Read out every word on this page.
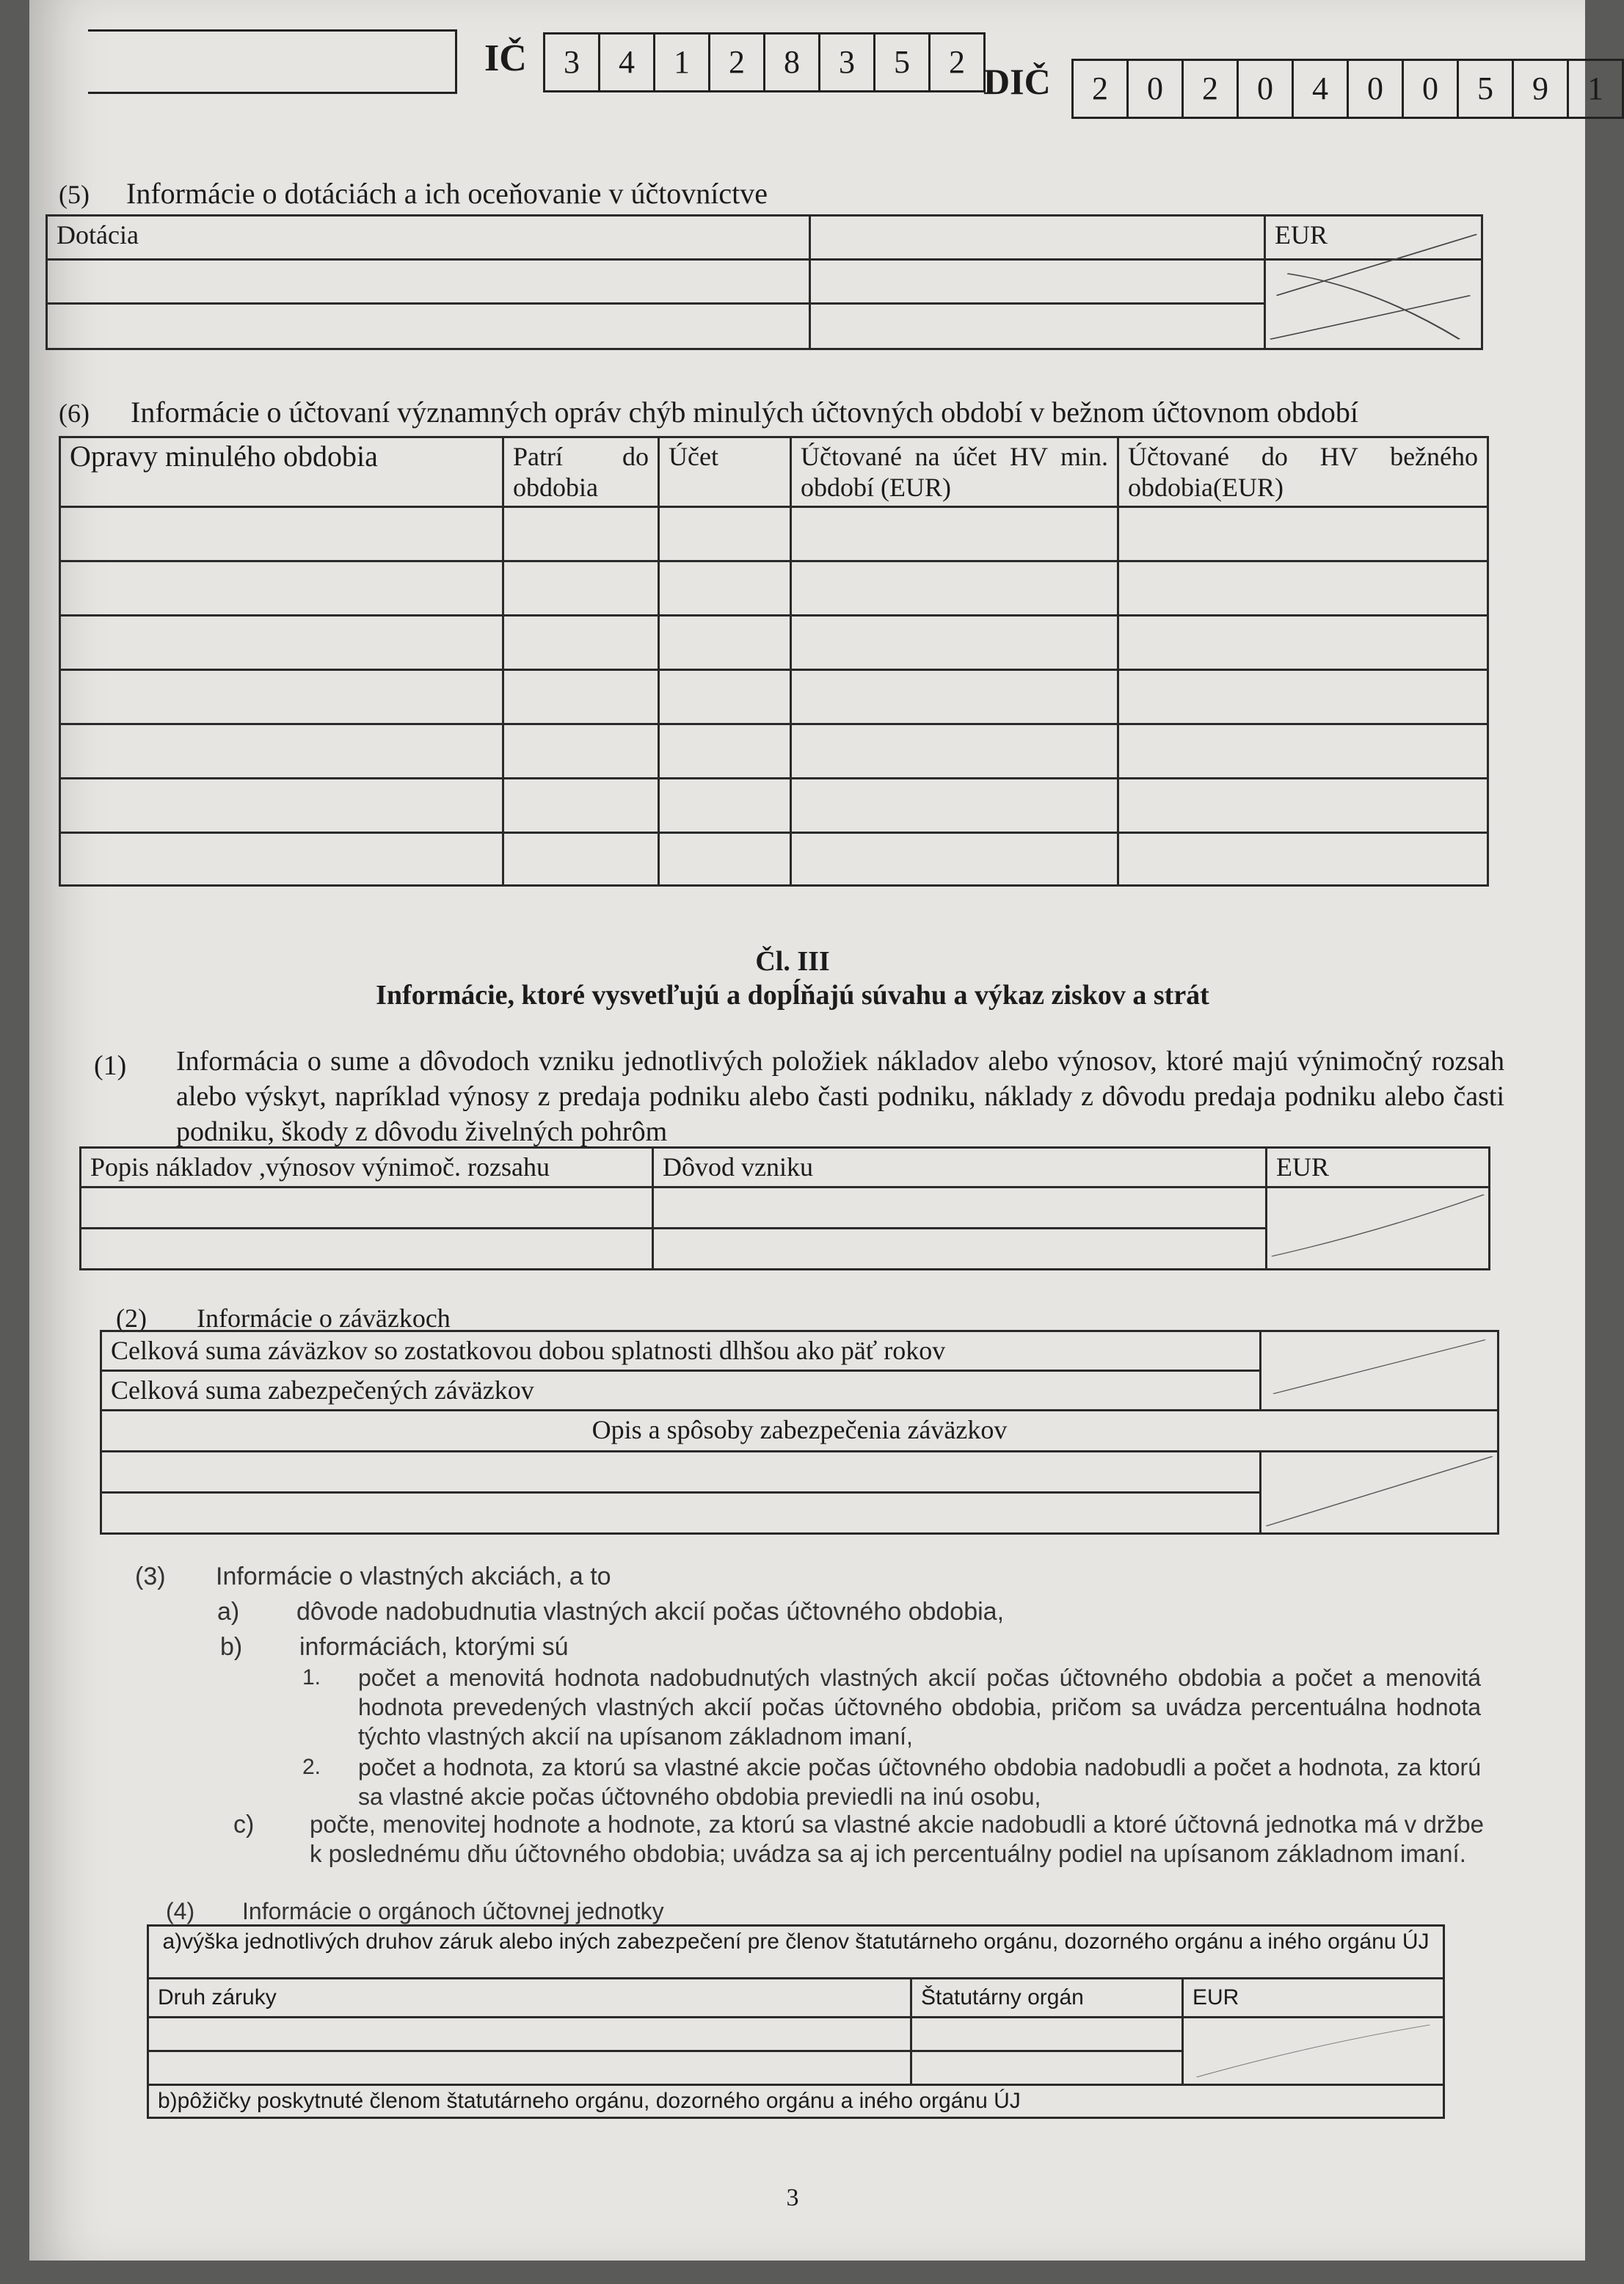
IČ	3	4	1	2	8	3	5	2 DIČ	2	0	2	0	4	0	0	5	9	1
(5) Informácie o dotáciách a ich oceňovanie v účtovníctve
Dotácia		EUR

(6) Informácie o účtovaní významných opráv chýb minulých účtovných období v bežnom účtovnom období
Opravy minulého obdobia	Patrí do obdobia	Účet	Účtované na účet HV min. období (EUR)	Účtované do HV bežného obdobia(EUR)

Čl. III
Informácie, ktoré vysvetľujú a dopĺňajú súvahu a výkaz ziskov a strát
(1) Informácia o sume a dôvodoch vzniku jednotlivých položiek nákladov alebo výnosov, ktoré majú výnimočný rozsah alebo výskyt, napríklad výnosy z predaja podniku alebo časti podniku, náklady z dôvodu predaja podniku alebo časti podniku, škody z dôvodu živelných pohrôm
Popis nákladov ,výnosov výnimoč. rozsahu	Dôvod vzniku	EUR

(2) Informácie o záväzkoch
Celková suma záväzkov so zostatkovou dobou splatnosti dlhšou ako päť rokov	

Celková suma zabezpečených záväzkov	
Opis a spôsoby zabezpečenia záväzkov	

(3) Informácie o vlastných akciách, a to
a) dôvode nadobudnutia vlastných akcií počas účtovného obdobia,
b) informáciách, ktorými sú
1. počet a menovitá hodnota nadobudnutých vlastných akcií počas účtovného obdobia a počet a menovitá hodnota prevedených vlastných akcií počas účtovného obdobia, pričom sa uvádza percentuálna hodnota týchto vlastných akcií na upísanom základnom imaní,
2. počet a hodnota, za ktorú sa vlastné akcie počas účtovného obdobia nadobudli a počet a hodnota, za ktorú sa vlastné akcie počas účtovného obdobia previedli na inú osobu,
c) počte, menovitej hodnote a hodnote, za ktorú sa vlastné akcie nadobudli a ktoré účtovná jednotka má v držbe k poslednému dňu účtovného obdobia; uvádza sa aj ich percentuálny podiel na upísanom základnom imaní.
(4) Informácie o orgánoch účtovnej jednotky
a)výška jednotlivých druhov záruk alebo iných zabezpečení pre členov štatutárneho orgánu, dozorného orgánu a iného orgánu ÚJ		
Druh záruky	Štatutárny orgán	EUR

b)pôžičky poskytnuté členom štatutárneho orgánu, dozorného orgánu a iného orgánu ÚJ		
3
